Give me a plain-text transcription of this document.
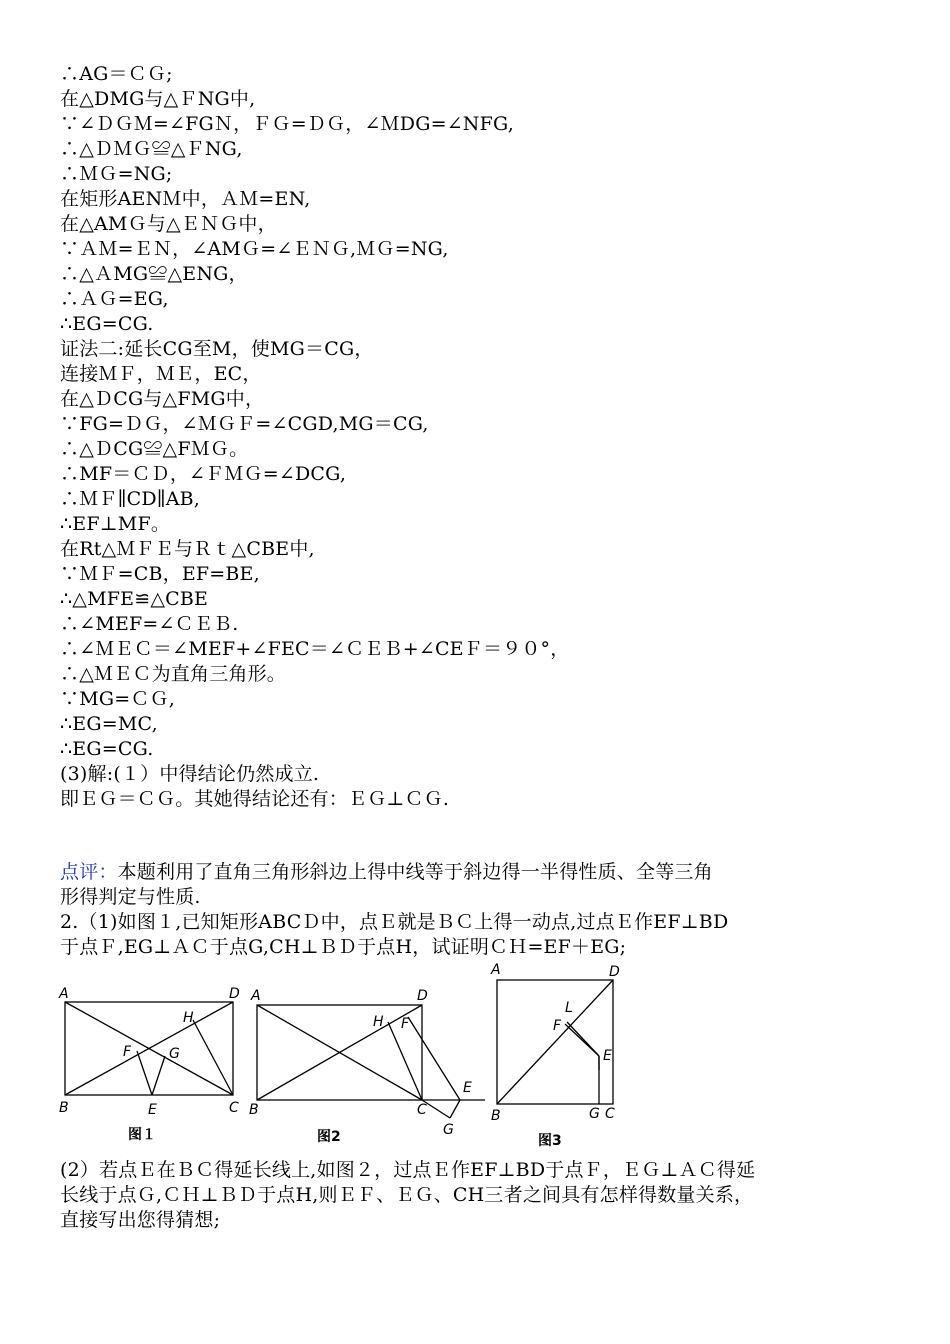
∴AG＝ＣＧ;
在△DMG与△ＦNG中,
∵∠ＤＧＭ=∠FGＮ，ＦＧ=ＤＧ，∠ＭDG=∠NFG,
∴△ＤＭＧ≌△ＦNG,
∴ＭＧ=NG;
在矩形AENＭ中，ＡＭ=EN,
在△AMＧ与△ＥＮＧ中，
∵ＡＭ=ＥＮ，∠AMＧ=∠ＥＮＧ,ＭＧ=NG,
∴△ＡMG≌△ENG，
∴ＡＧ=EG,
∴EG=CG.
证法二:延长CG至M，使MG＝CG，
连接ＭＦ，ＭＥ，EC，
在△ＤCG与△FMG中，
∵FG=ＤＧ，∠ＭＧＦ=∠CGD,MG＝CG,
∴△ＤCG≌△FＭＧ。
∴MF＝ＣＤ，∠ＦＭＧ=∠DCG,
∴ＭＦ∥CD∥AB,
∴EF⊥MF。
在Rt△ＭＦＥ与Ｒｔ△CBE中,
∵ＭＦ=CB，EF=BE,
∴△MFE≌△CBE
∴∠MEF=∠ＣＥＢ.
∴∠ＭＥＣ＝∠MEF+∠FEC＝∠ＣＥＢ+∠CEＦ＝９０°，
∴△ＭＥＣ为直角三角形。
∵MG=ＣＧ,
∴EG=MC,
∴EG=CG.
(3)解:(１）中得结论仍然成立.
即ＥＧ＝ＣＧ。其她得结论还有：ＥＧ⊥ＣＧ.
点评：本题利用了直角三角形斜边上得中线等于斜边得一半得性质、全等三角
形得判定与性质.
2.（1)如图１,已知矩形ABCＤ中，点Ｅ就是ＢＣ上得一动点,过点Ｅ作EF⊥BD
于点Ｆ,EG⊥ＡＣ于点G,CH⊥ＢＤ于点H，试证明ＣＨ=EF＋EG;
A	D
B	C
E
F	G
H
图１
A	D
B	C
E
F
G
H
图2
A	D
B	C
E
F
G
L
图3
(2）若点Ｅ在ＢＣ得延长线上,如图２，过点Ｅ作EF⊥BD于点Ｆ，ＥＧ⊥ＡＣ得延
长线于点Ｇ,ＣＨ⊥ＢＤ于点H,则ＥＦ、ＥＧ、CH三者之间具有怎样得数量关系，
直接写出您得猜想;
